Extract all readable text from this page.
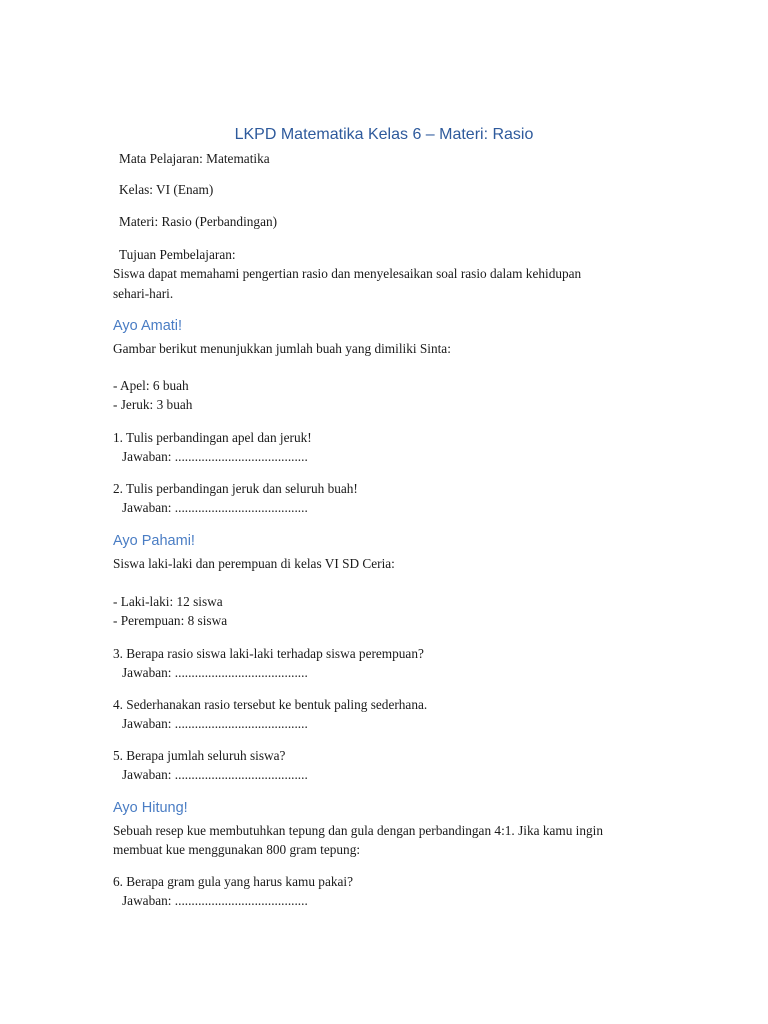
LKPD Matematika Kelas 6 – Materi: Rasio
Mata Pelajaran: Matematika
Kelas: VI (Enam)
Materi: Rasio (Perbandingan)
Tujuan Pembelajaran:
Siswa dapat memahami pengertian rasio dan menyelesaikan soal rasio dalam kehidupan
sehari-hari.
Ayo Amati!
Gambar berikut menunjukkan jumlah buah yang dimiliki Sinta:
- Apel: 6 buah
- Jeruk: 3 buah
1. Tulis perbandingan apel dan jeruk!
Jawaban: ........................................
2. Tulis perbandingan jeruk dan seluruh buah!
Jawaban: ........................................
Ayo Pahami!
Siswa laki-laki dan perempuan di kelas VI SD Ceria:
- Laki-laki: 12 siswa
- Perempuan: 8 siswa
3. Berapa rasio siswa laki-laki terhadap siswa perempuan?
Jawaban: ........................................
4. Sederhanakan rasio tersebut ke bentuk paling sederhana.
Jawaban: ........................................
5. Berapa jumlah seluruh siswa?
Jawaban: ........................................
Ayo Hitung!
Sebuah resep kue membutuhkan tepung dan gula dengan perbandingan 4:1. Jika kamu ingin
membuat kue menggunakan 800 gram tepung:
6. Berapa gram gula yang harus kamu pakai?
Jawaban: ........................................
